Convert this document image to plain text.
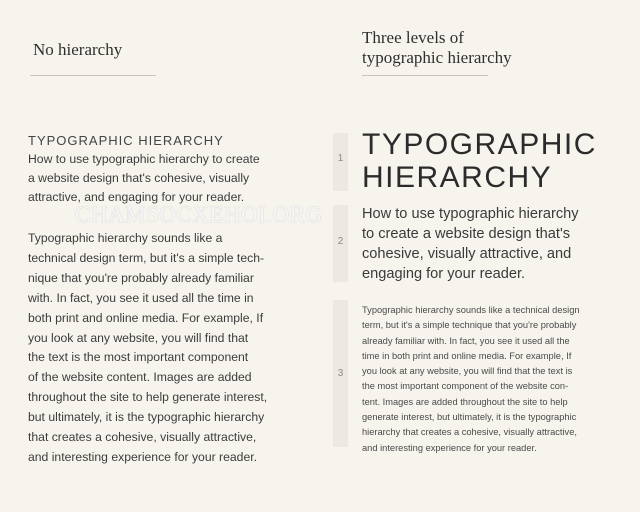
No hierarchy
TYPOGRAPHIC HIERARCHY
How to use typographic hierarchy to create
a website design that's cohesive, visually
attractive, and engaging for your reader.
Typographic hierarchy sounds like a
technical design term, but it's a simple tech-
nique that you're probably already familiar
with. In fact, you see it used all the time in
both print and online media. For example, If
you look at any website, you will find that
the text is the most important component
of the website content. Images are added
throughout the site to help generate interest,
but ultimately, it is the typographic hierarchy
that creates a cohesive, visually attractive,
and interesting experience for your reader.
Three levels of
typographic hierarchy
1
2
3
TYPOGRAPHIC
HIERARCHY
How to use typographic hierarchy
to create a website design that's
cohesive, visually attractive, and
engaging for your reader.
Typographic hierarchy sounds like a technical design
term, but it's a simple technique that you're probably
already familiar with. In fact, you see it used all the
time in both print and online media. For example, If
you look at any website, you will find that the text is
the most important component of the website con-
tent. Images are added throughout the site to help
generate interest, but ultimately, it is the typographic
hierarchy that creates a cohesive, visually attractive,
and interesting experience for your reader.
CHAMSOCXEHOI.ORG
